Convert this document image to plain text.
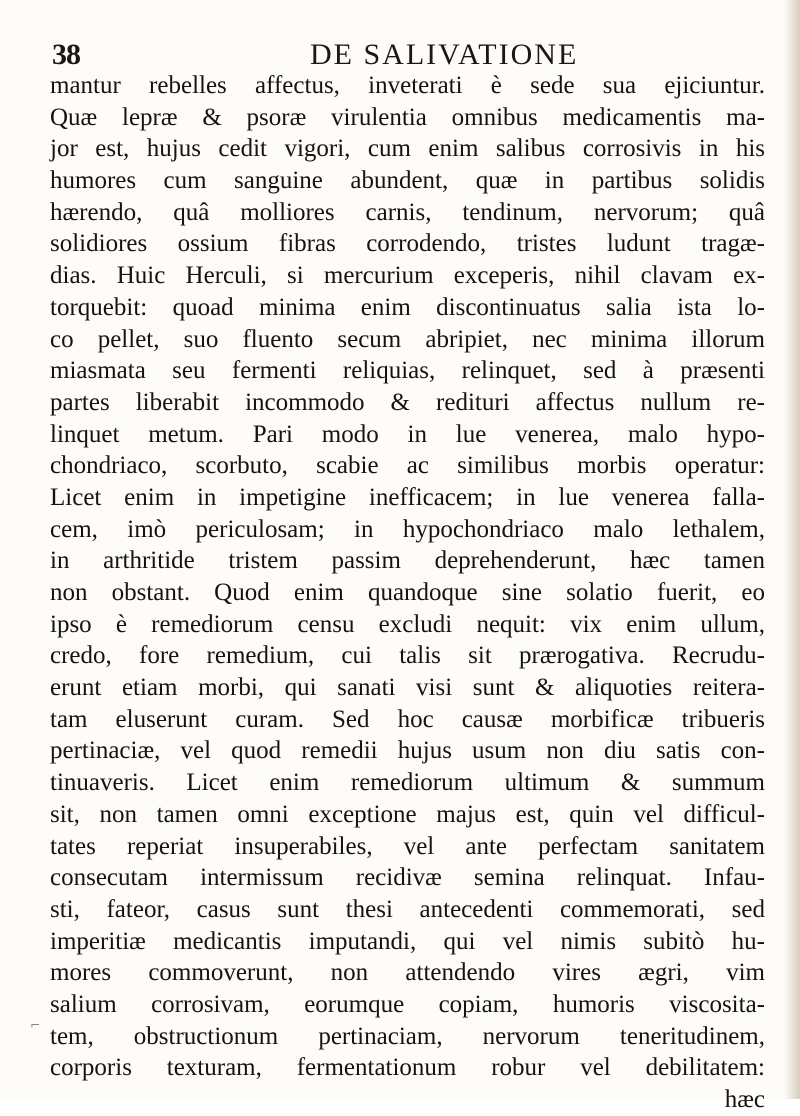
38	DE SALIVATIONE
mantur rebelles affectus, inveterati è sede sua ejiciuntur.
Quæ lepræ & psoræ virulentia omnibus medicamentis ma-
jor est, hujus cedit vigori, cum enim salibus corrosivis in his
humores cum sanguine abundent, quæ in partibus solidis
hærendo, quâ molliores carnis, tendinum, nervorum; quâ
solidiores ossium fibras corrodendo, tristes ludunt tragæ-
dias. Huic Herculi, si mercurium exceperis, nihil clavam ex-
torquebit: quoad minima enim discontinuatus salia ista lo-
co pellet, suo fluento secum abripiet, nec minima illorum
miasmata seu fermenti reliquias, relinquet, sed à præsenti
partes liberabit incommodo & redituri affectus nullum re-
linquet metum. Pari modo in lue venerea, malo hypo-
chondriaco, scorbuto, scabie ac similibus morbis operatur:
Licet enim in impetigine inefficacem; in lue venerea falla-
cem, imò periculosam; in hypochondriaco malo lethalem,
in arthritide tristem passim deprehenderunt, hæc tamen
non obstant. Quod enim quandoque sine solatio fuerit, eo
ipso è remediorum censu excludi nequit: vix enim ullum,
credo, fore remedium, cui talis sit prærogativa. Recrudu-
erunt etiam morbi, qui sanati visi sunt & aliquoties reitera-
tam eluserunt curam. Sed hoc causæ morbificæ tribueris
pertinaciæ, vel quod remedii hujus usum non diu satis con-
tinuaveris. Licet enim remediorum ultimum & summum
sit, non tamen omni exceptione majus est, quin vel difficul-
tates reperiat insuperabiles, vel ante perfectam sanitatem
consecutam intermissum recidivæ semina relinquat. Infau-
sti, fateor, casus sunt thesi antecedenti commemorati, sed
imperitiæ medicantis imputandi, qui vel nimis subitò hu-
mores commoverunt, non attendendo vires ægri, vim
salium corrosivam, eorumque copiam, humoris viscosita-
tem, obstructionum pertinaciam, nervorum teneritudinem,
corporis texturam, fermentationum robur vel debilitatem:
hæc
⌐
